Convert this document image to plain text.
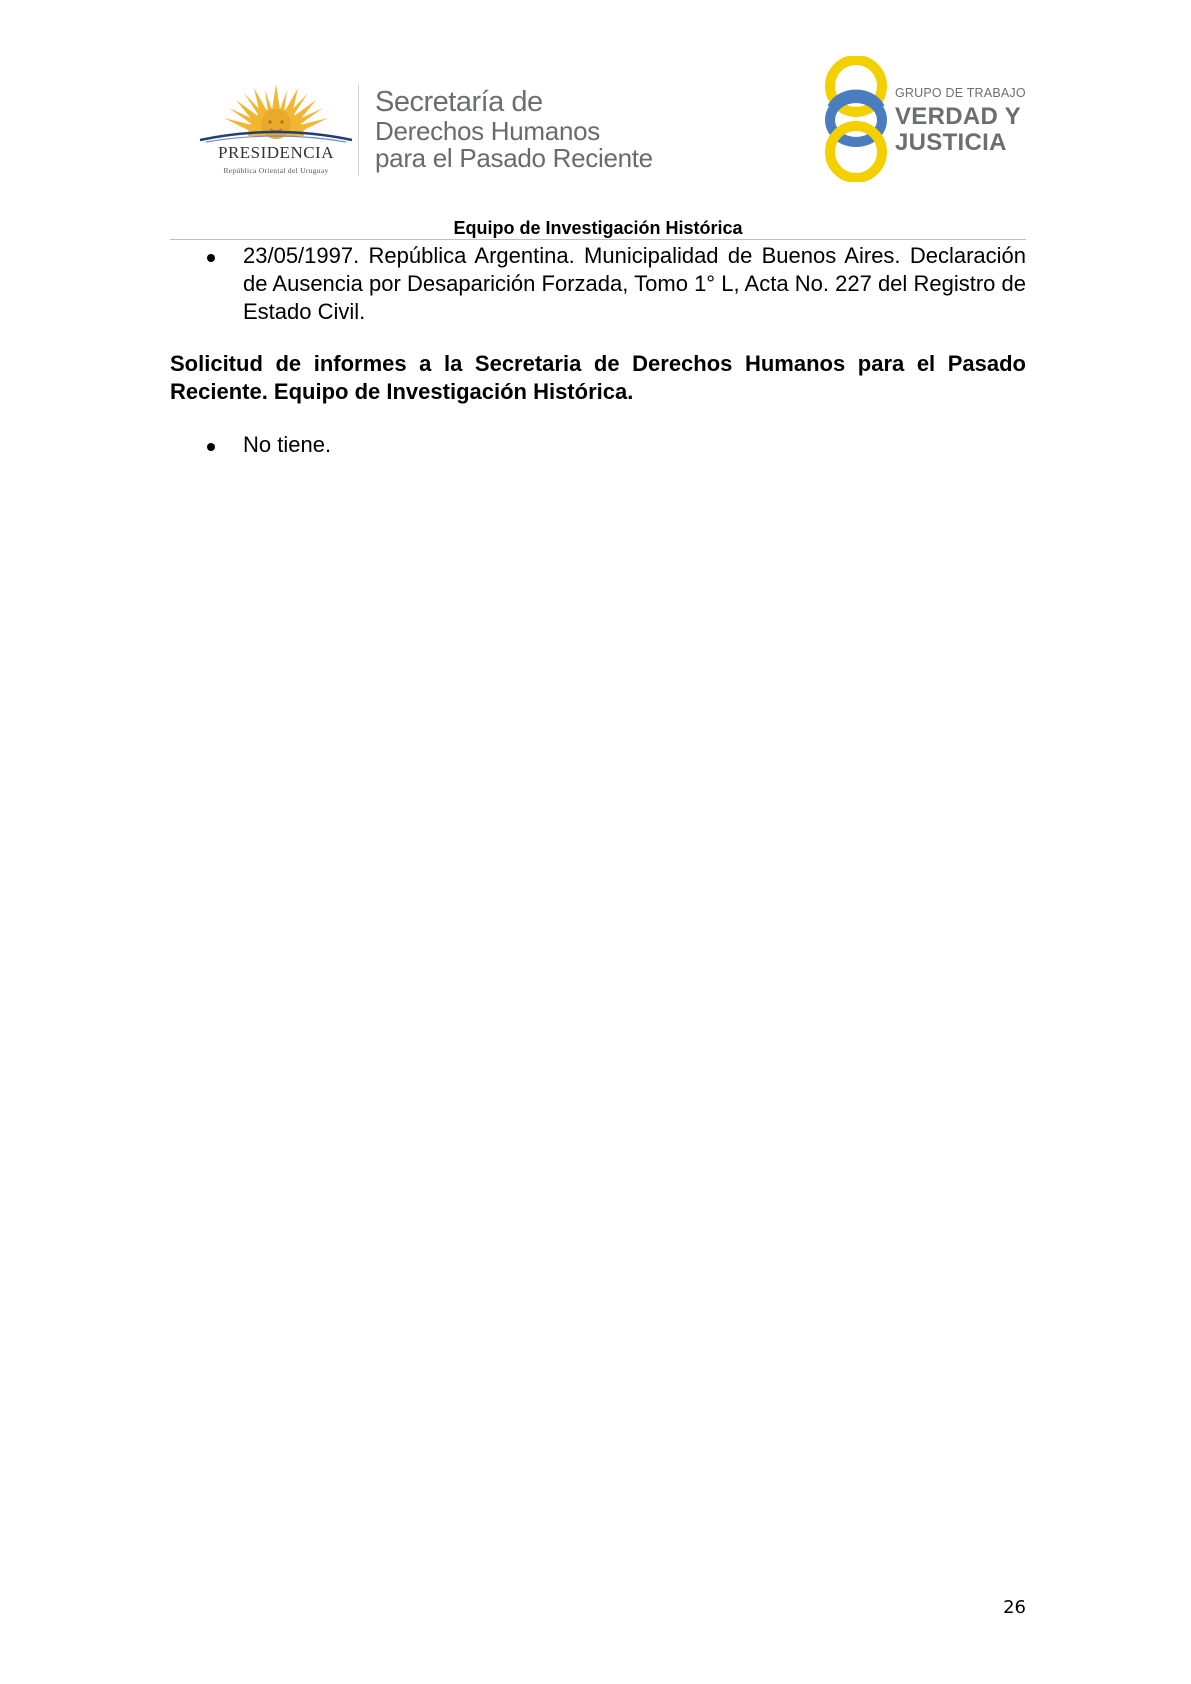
PRESIDENCIA
República Oriental del Uruguay
Secretaría de
Derechos Humanos
para el Pasado Reciente
GRUPO DE TRABAJO
VERDAD Y
JUSTICIA
Equipo de Investigación Histórica
23/05/1997. República Argentina. Municipalidad de Buenos Aires. Declaración de Ausencia por Desaparición Forzada, Tomo 1° L, Acta No. 227 del Registro de Estado Civil.
Solicitud de informes a la Secretaria de Derechos Humanos para el Pasado Reciente. Equipo de Investigación Histórica.
No tiene.
26
